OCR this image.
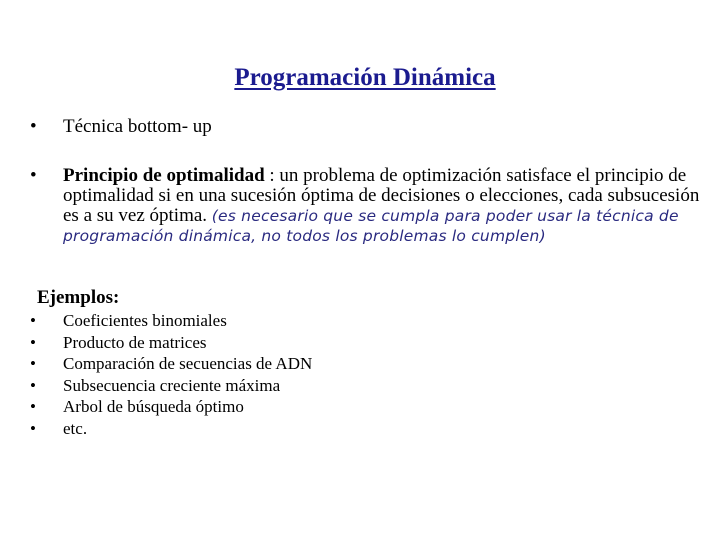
Programación Dinámica
•	Técnica bottom- up
•	Principio de optimalidad : un problema de optimización satisface el principio de optimalidad si en una sucesión óptima de decisiones o elecciones, cada subsucesión es a su vez óptima. (es necesario que se cumpla para poder usar la técnica de programación dinámica, no todos los problemas lo cumplen)
Ejemplos:
•	Coeficientes binomiales
•	Producto de matrices
•	Comparación de secuencias de ADN
•	Subsecuencia creciente máxima
•	Arbol de búsqueda óptimo
•	etc.
